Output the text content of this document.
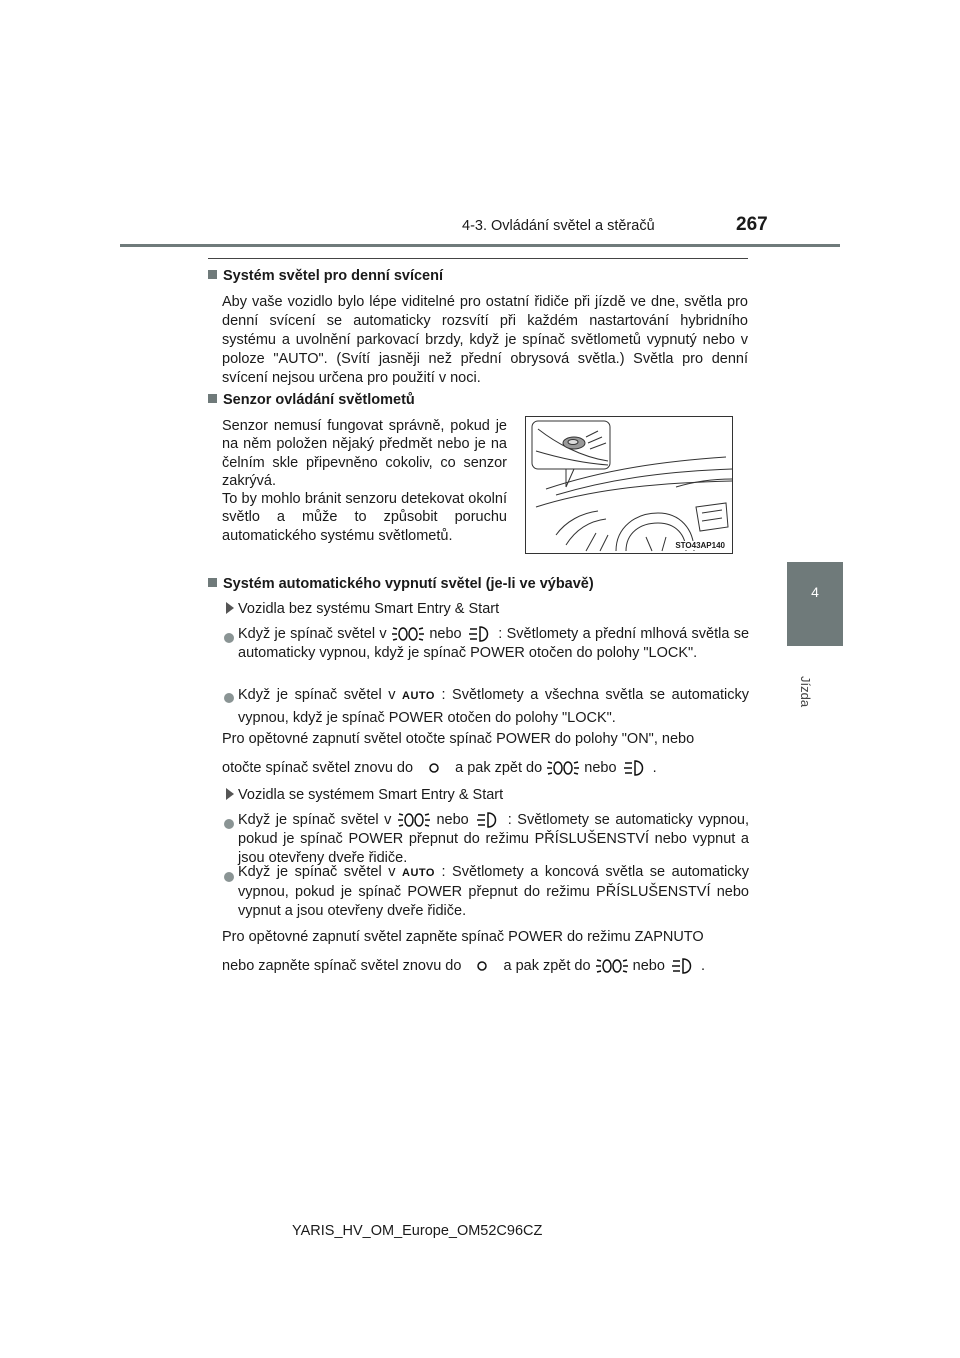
4-3. Ovládání světel a stěračů	267
4
Jízda
Systém světel pro denní svícení
Aby vaše vozidlo bylo lépe viditelné pro ostatní řidiče při jízdě ve dne, světla pro denní svícení se automaticky rozsvítí při každém nastartování hybridního systému a uvolnění parkovací brzdy, když je spínač světlometů vypnutý nebo v poloze "AUTO". (Svítí jasněji než přední obrysová světla.) Světla pro denní svícení nejsou určena pro použití v noci.
Senzor ovládání světlometů
Senzor nemusí fungovat správně, pokud je na něm položen nějaký předmět nebo je na čelním skle připevněno cokoliv, co senzor zakrývá.
To by mohlo bránit senzoru detekovat okolní světlo a může to způsobit poruchu automatického systému světlometů.
STO43AP140
Systém automatického vypnutí světel (je-li ve výbavě)
Vozidla bez systému Smart Entry & Start
Když je spínač světel v	nebo	: Světlomety a přední mlhová světla se automaticky vypnou, když je spínač POWER otočen do polohy "LOCK".
Když je spínač světel v AUTO : Světlomety a všechna světla se automaticky vypnou, když je spínač POWER otočen do polohy "LOCK".
Pro opětovné zapnutí světel otočte spínač POWER do polohy "ON", nebo
otočte spínač světel znovu do	a pak zpět do	nebo .
Vozidla se systémem Smart Entry & Start
Když je spínač světel v	nebo	: Světlomety se automaticky vypnou, pokud je spínač POWER přepnut do režimu PŘÍSLUŠENSTVÍ nebo vypnut a jsou otevřeny dveře řidiče.
Když je spínač světel v AUTO : Světlomety a koncová světla se automaticky vypnou, pokud je spínač POWER přepnut do režimu PŘÍSLUŠENSTVÍ nebo vypnut a jsou otevřeny dveře řidiče.
Pro opětovné zapnutí světel zapněte spínač POWER do režimu ZAPNUTO
nebo zapněte spínač světel znovu do	a pak zpět do	nebo .
YARIS_HV_OM_Europe_OM52C96CZ
